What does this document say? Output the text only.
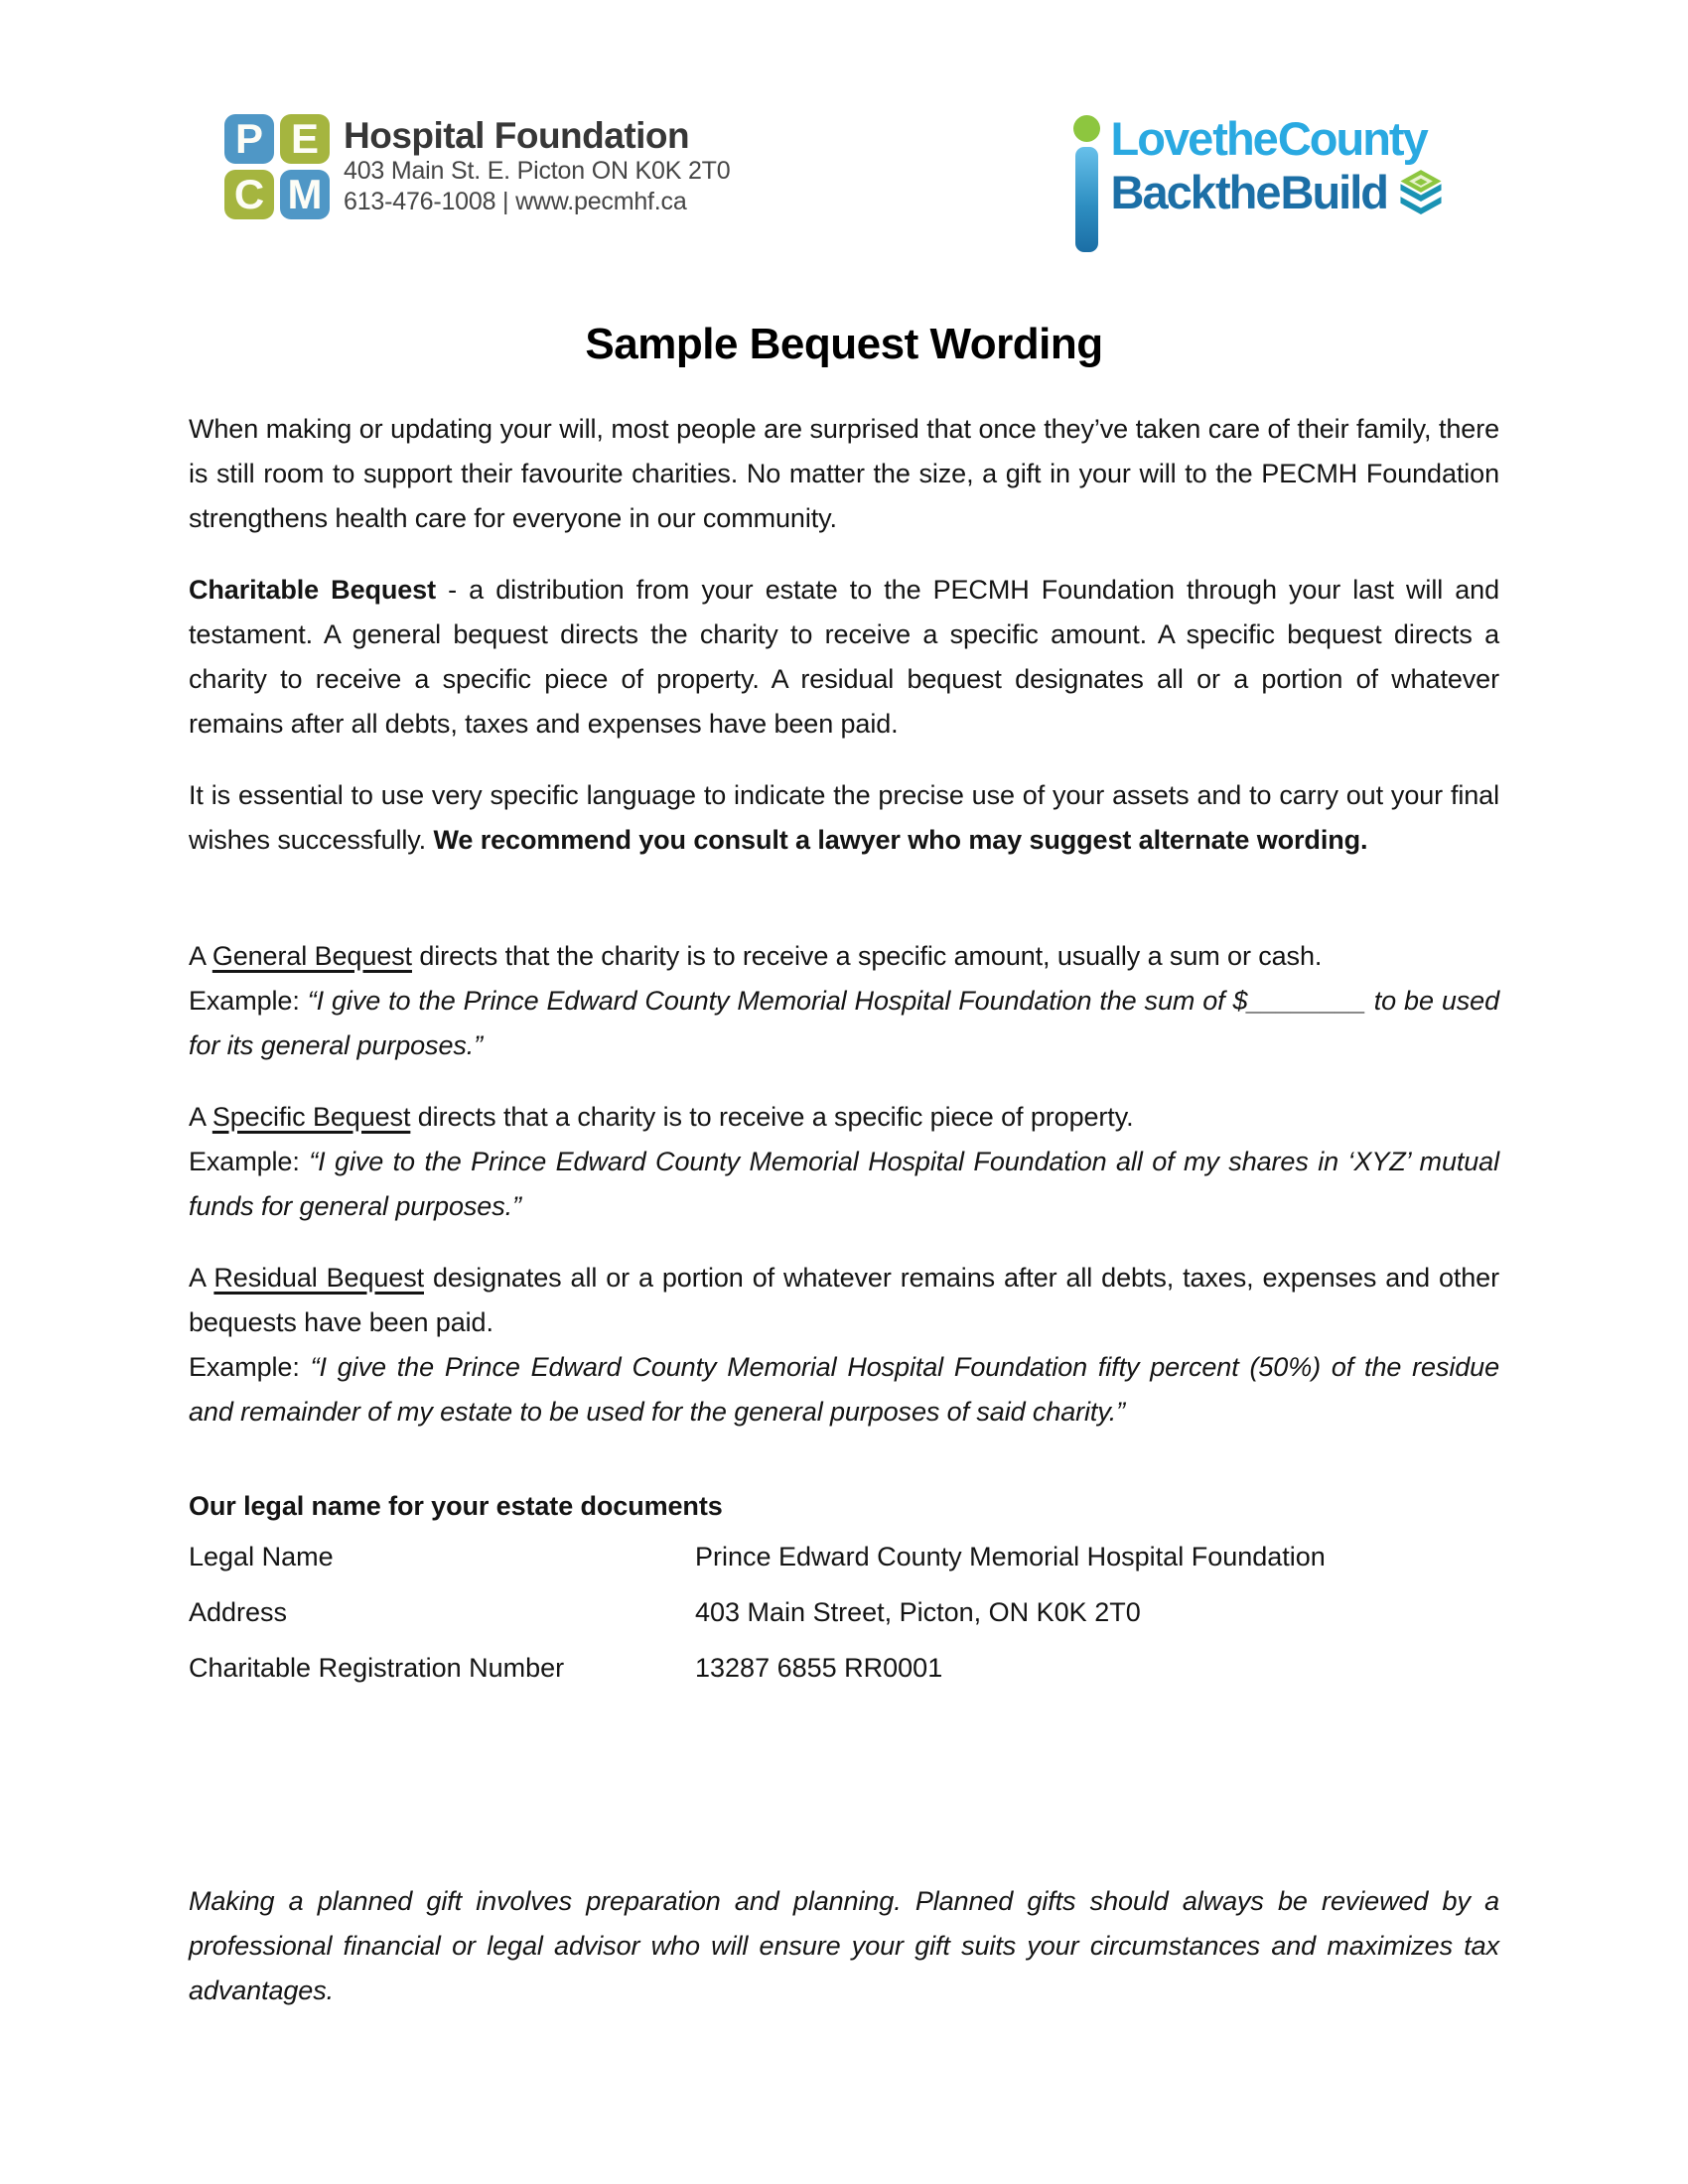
P E
C M
Hospital Foundation
403 Main St. E. Picton ON K0K 2T0
613-476-1008 | www.pecmhf.ca
Love the County
Back the Build
Sample Bequest Wording

When making or updating your will, most people are surprised that once they’ve taken care of their family, there is still room to support their favourite charities. No matter the size, a gift in your will to the PECMH Foundation strengthens health care for everyone in our community.

Charitable Bequest - a distribution from your estate to the PECMH Foundation through your last will and testament. A general bequest directs the charity to receive a specific amount. A specific bequest directs a charity to receive a specific piece of property. A residual bequest designates all or a portion of whatever remains after all debts, taxes and expenses have been paid.

It is essential to use very specific language to indicate the precise use of your assets and to carry out your final wishes successfully. We recommend you consult a lawyer who may suggest alternate wording.

A General Bequest directs that the charity is to receive a specific amount, usually a sum or cash.
Example: “I give to the Prince Edward County Memorial Hospital Foundation the sum of $________ to be used for its general purposes.”

A Specific Bequest directs that a charity is to receive a specific piece of property.
Example: “I give to the Prince Edward County Memorial Hospital Foundation all of my shares in ‘XYZ’ mutual funds for general purposes.”

A Residual Bequest designates all or a portion of whatever remains after all debts, taxes, expenses and other bequests have been paid.
Example: “I give the Prince Edward County Memorial Hospital Foundation fifty percent (50%) of the residue and remainder of my estate to be used for the general purposes of said charity.”

Our legal name for your estate documents
Legal Name	Prince Edward County Memorial Hospital Foundation
Address	403 Main Street, Picton, ON K0K 2T0
Charitable Registration Number	13287 6855 RR0001

Making a planned gift involves preparation and planning. Planned gifts should always be reviewed by a professional financial or legal advisor who will ensure your gift suits your circumstances and maximizes tax advantages.
